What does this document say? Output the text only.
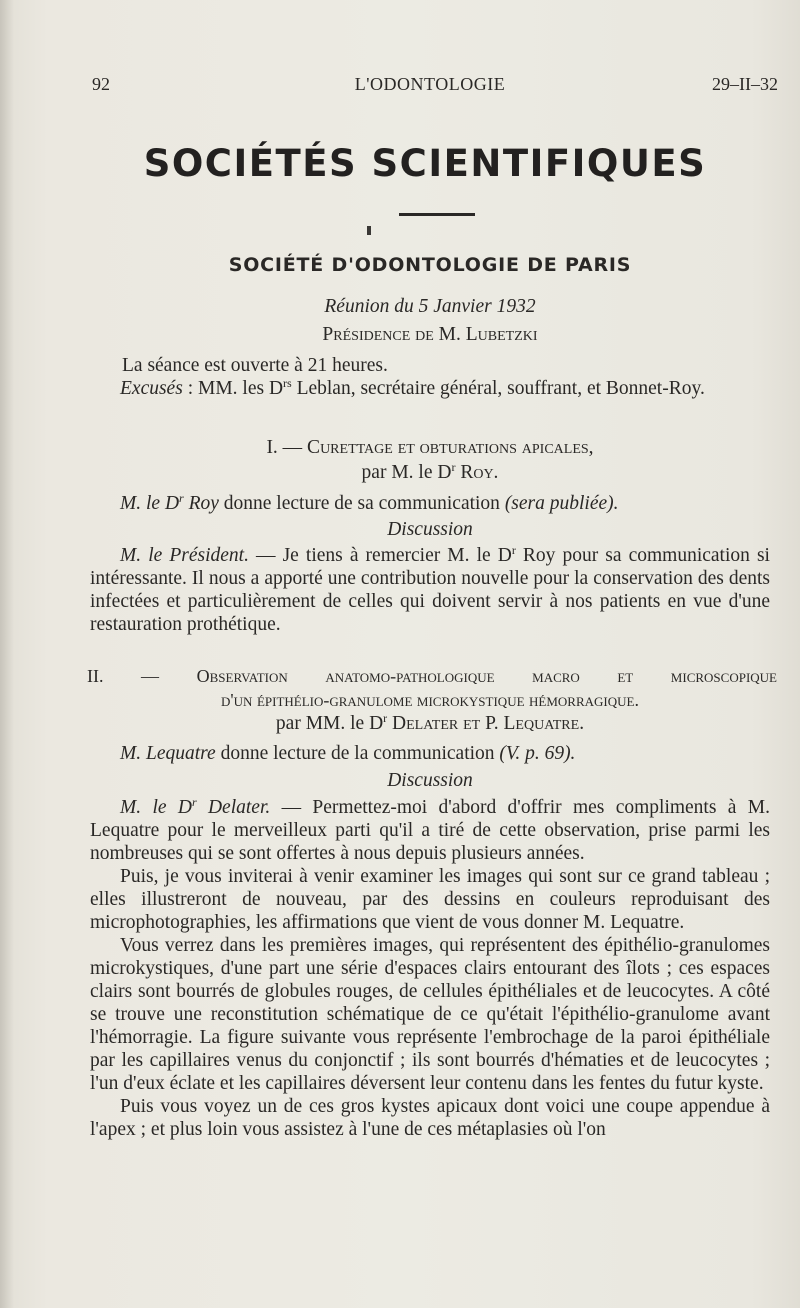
92	L'ODONTOLOGIE	29–II–32
SOCIÉTÉS SCIENTIFIQUES
SOCIÉTÉ D'ODONTOLOGIE DE PARIS
Réunion du 5 Janvier 1932
Présidence de M. Lubetzki
La séance est ouverte à 21 heures.

Excusés : MM. les $D^{rs}$ Leblan, secrétaire général, souffrant, et Bonnet-Roy.

I. — Curettage et obturations apicales,
par M. le $D^r$ Roy.
M. le $D^r$ Roy donne lecture de sa communication (sera publiée).
Discussion

M. le Président. — Je tiens à remercier M. le $D^r$ Roy pour sa communication si intéressante. Il nous a apporté une contribution nouvelle pour la conservation des dents infectées et particulièrement de celles qui doivent servir à nos patients en vue d'une restauration prothétique.

II. — Observation anatomo-pathologique macro et microscopique
d'un épithélio-granulome microkystique hémorragique.
par MM. le $D^r$ Delater et P. Lequatre.
M. Lequatre donne lecture de la communication (V. p. 69).
Discussion

M. le $D^r$ Delater. — Permettez-moi d'abord d'offrir mes compliments à M. Lequatre pour le merveilleux parti qu'il a tiré de cette observation, prise parmi les nombreuses qui se sont offertes à nous depuis plusieurs années.

Puis, je vous inviterai à venir examiner les images qui sont sur ce grand tableau ; elles illustreront de nouveau, par des dessins en couleurs reproduisant des microphotographies, les affirmations que vient de vous donner M. Lequatre.

Vous verrez dans les premières images, qui représentent des épithélio-granulomes microkystiques, d'une part une série d'espaces clairs entourant des îlots ; ces espaces clairs sont bourrés de globules rouges, de cellules épithéliales et de leucocytes. A côté se trouve une reconstitution schématique de ce qu'était l'épithélio-granulome avant l'hémorragie. La figure suivante vous représente l'embrochage de la paroi épithéliale par les capillaires venus du conjonctif ; ils sont bourrés d'hématies et de leucocytes ; l'un d'eux éclate et les capillaires déversent leur contenu dans les fentes du futur kyste.

Puis vous voyez un de ces gros kystes apicaux dont voici une coupe appendue à l'apex ; et plus loin vous assistez à l'une de ces métaplasies où l'on
